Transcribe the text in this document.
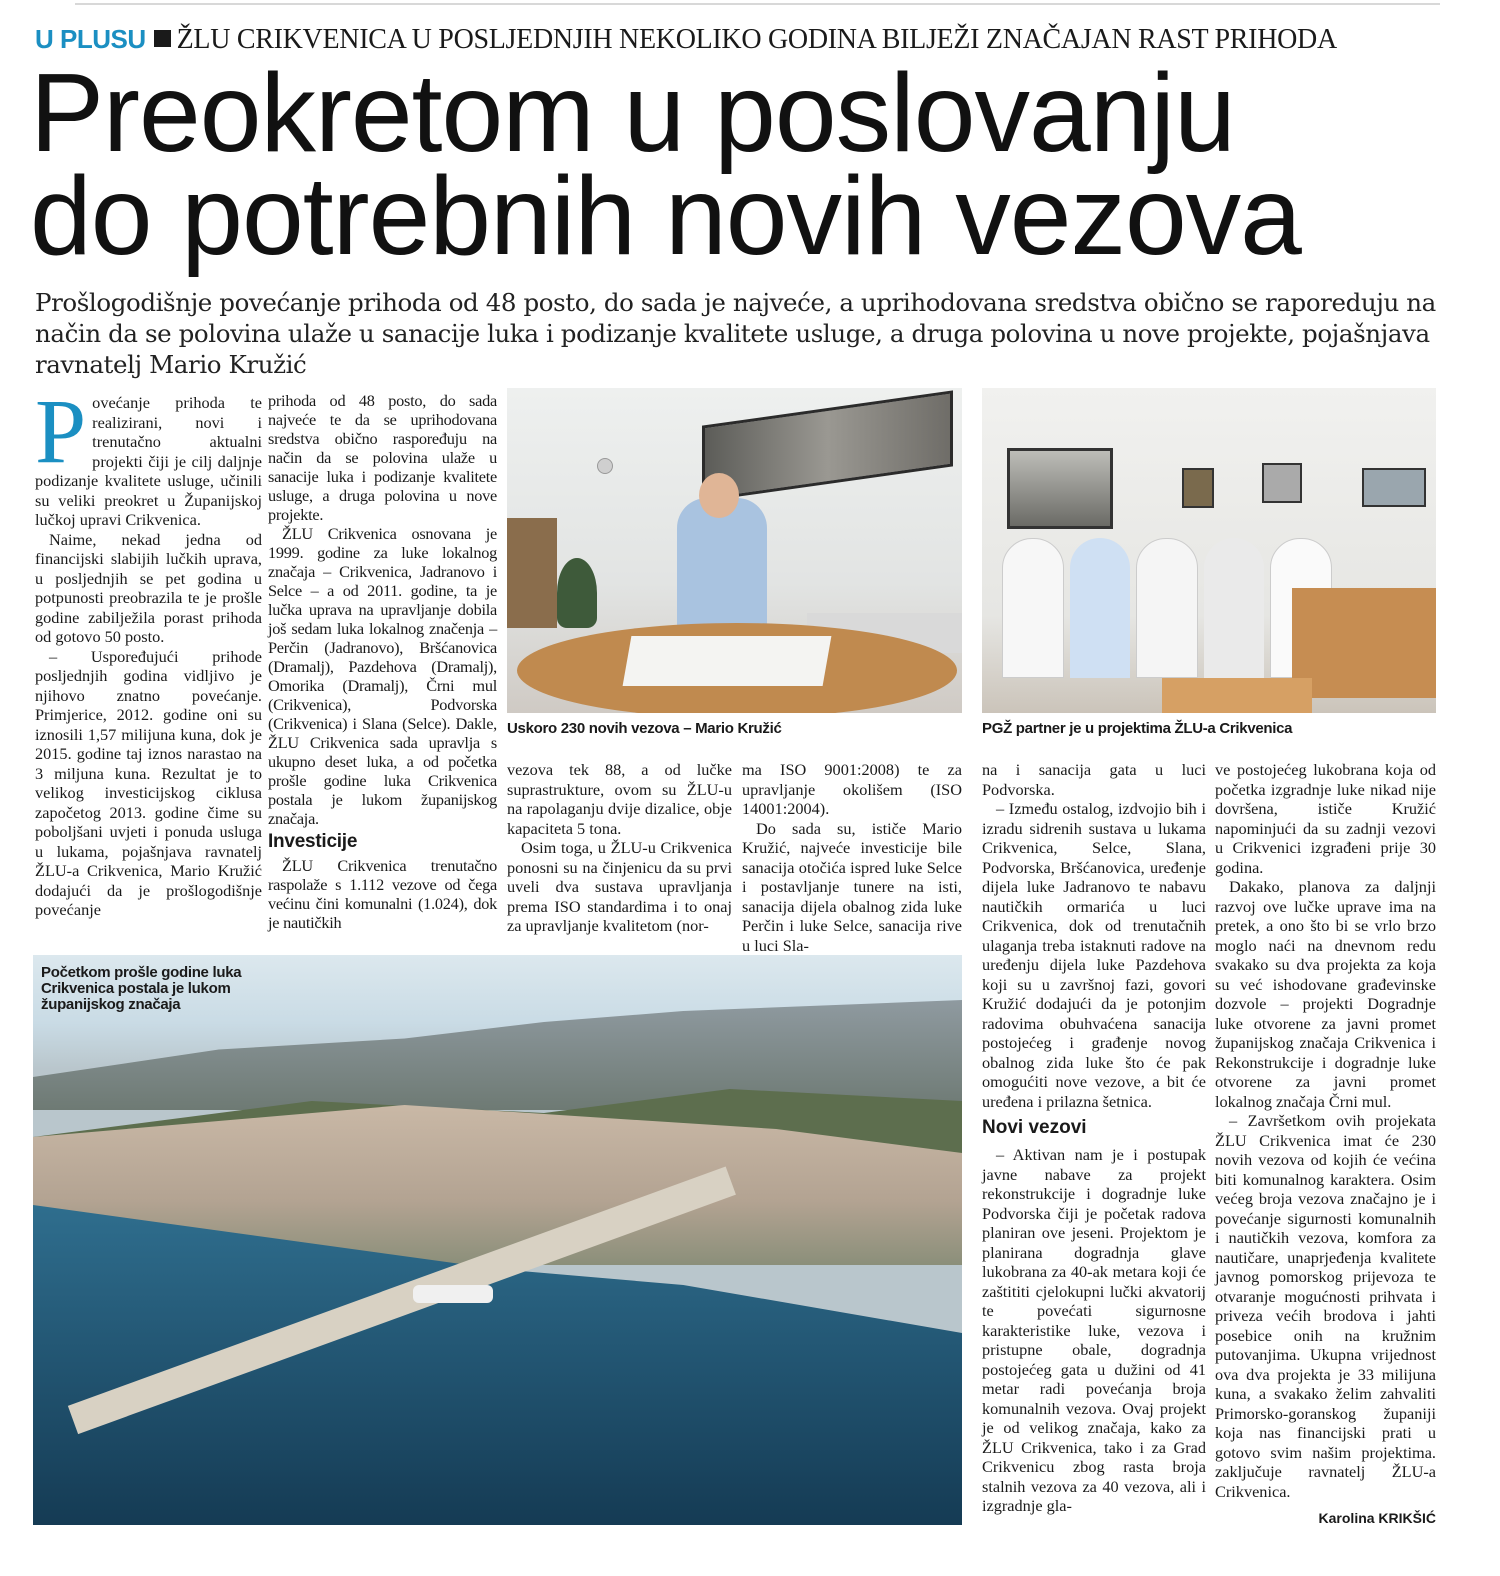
U PLUSU ŽLU CRIKVENICA U POSLJEDNJIH NEKOLIKO GODINA BILJEŽI ZNAČAJAN RAST PRIHODA
Preokretom u poslovanju
do potrebnih novih vezova
Prošlogodišnje povećanje prihoda od 48 posto, do sada je najveće, a uprihodovana sredstva obično se raporeduju na način da se polovina ulaže u sanacije luka i podizanje kvalitete usluge, a druga polovina u nove projekte, pojašnjava ravnatelj Mario Kružić

Povećanje prihoda te realizirani, novi i trenutačno aktualni projekti čiji je cilj daljnje podizanje kvalitete usluge, učinili su veliki preokret u Županijskoj lučkoj upravi Crikvenica.

Naime, nekad jedna od financijski slabijih lučkih uprava, u posljednjih se pet godina u potpunosti preobrazila te je prošle godine zabilježila porast prihoda od gotovo 50 posto.

– Uspoređujući prihode posljednjih godina vidljivo je njihovo znatno povećanje. Primjerice, 2012. godine oni su iznosili 1,57 milijuna kuna, dok je 2015. godine taj iznos narastao na 3 miljuna kuna. Rezultat je to velikog investicijskog ciklusa započetog 2013. godine čime su poboljšani uvjeti i ponuda usluga u lukama, pojašnjava ravnatelj ŽLU-a Crikvenica, Mario Kružić dodajući da je prošlogodišnje povećanje

prihoda od 48 posto, do sada najveće te da se uprihodovana sredstva obično raspoređuju na način da se polovina ulaže u sanacije luka i podizanje kvalitete usluge, a druga polovina u nove projekte.

ŽLU Crikvenica osnovana je 1999. godine za luke lokalnog značaja – Crikvenica, Jadranovo i Selce – a od 2011. godine, ta je lučka uprava na upravljanje dobila još sedam luka lokalnog značenja – Perčin (Jadranovo), Bršćanovica (Dramalj), Pazdehova (Dramalj), Omorika (Dramalj), Črni mul (Crikvenica), Podvorska (Crikvenica) i Slana (Selce). Dakle, ŽLU Crikvenica sada upravlja s ukupno deset luka, a od početka prošle godine luka Crikvenica postala je lukom županijskog značaja.

Investicije

ŽLU Crikvenica trenutačno raspolaže s 1.112 vezove od čega većinu čini komunalni (1.024), dok je nautičkih

Uskoro 230 novih vezova – Mario Kružić	PGŽ partner je u projektima ŽLU-a Crikvenica

vezova tek 88, a od lučke suprastrukture, ovom su ŽLU-u na rapolaganju dvije dizalice, obje kapaciteta 5 tona.

Osim toga, u ŽLU-u Crikvenica ponosni su na činjenicu da su prvi uveli dva sustava upravljanja prema ISO standardima i to onaj za upravljanje kvalitetom (nor-

ma ISO 9001:2008) te za upravljanje okolišem (ISO 14001:2004).

Do sada su, ističe Mario Kružić, najveće investicije bile sanacija otočića ispred luke Selce i postavljanje tunere na isti, sanacija dijela obalnog zida luke Perčin i luke Selce, sanacija rive u luci Sla-

Početkom prošle godine luka Crikvenica postala je lukom županijskog značaja

na i sanacija gata u luci Podvorska.

– Između ostalog, izdvojio bih i izradu sidrenih sustava u lukama Crikvenica, Selce, Slana, Podvorska, Bršćanovica, uređenje dijela luke Jadranovo te nabavu nautičkih ormarića u luci Crikvenica, dok od trenutačnih ulaganja treba istaknuti radove na uređenju dijela luke Pazdehova koji su u završnoj fazi, govori Kružić dodajući da je potonjim radovima obuhvaćena sanacija postojećeg i građenje novog obalnog zida luke što će pak omogućiti nove vezove, a bit će uređena i prilazna šetnica.

Novi vezovi

– Aktivan nam je i postupak javne nabave za projekt rekonstrukcije i dogradnje luke Podvorska čiji je početak radova planiran ove jeseni. Projektom je planirana dogradnja glave lukobrana za 40-ak metara koji će zaštititi cjelokupni lučki akvatorij te povećati sigurnosne karakteristike luke, vezova i pristupne obale, dogradnja postojećeg gata u dužini od 41 metar radi povećanja broja komunalnih vezova. Ovaj projekt je od velikog značaja, kako za ŽLU Crikvenica, tako i za Grad Crikvenicu zbog rasta broja stalnih vezova za 40 vezova, ali i izgradnje gla-

ve postojećeg lukobrana koja od početka izgradnje luke nikad nije dovršena, ističe Kružić napominjući da su zadnji vezovi u Crikvenici izgrađeni prije 30 godina.

Dakako, planova za daljnji razvoj ove lučke uprave ima na pretek, a ono što bi se vrlo brzo moglo naći na dnevnom redu svakako su dva projekta za koja su već ishodovane građevinske dozvole – projekti Dogradnje luke otvorene za javni promet županijskog značaja Crikvenica i Rekonstrukcije i dogradnje luke otvorene za javni promet lokalnog značaja Črni mul.

– Završetkom ovih projekata ŽLU Crikvenica imat će 230 novih vezova od kojih će većina biti komunalnog karaktera. Osim većeg broja vezova značajno je i povećanje sigurnosti komunalnih i nautičkih vezova, komfora za nautičare, unaprjeđenja kvalitete javnog pomorskog prijevoza te otvaranje mogućnosti prihvata i priveza većih brodova i jahti posebice onih na kružnim putovanjima. Ukupna vrijednost ova dva projekta je 33 milijuna kuna, a svakako želim zahvaliti Primorsko-goranskog županiji koja nas financijski prati u gotovo svim našim projektima. zaključuje ravnatelj ŽLU-a Crikvenica.

Karolina KRIKŠIĆ
